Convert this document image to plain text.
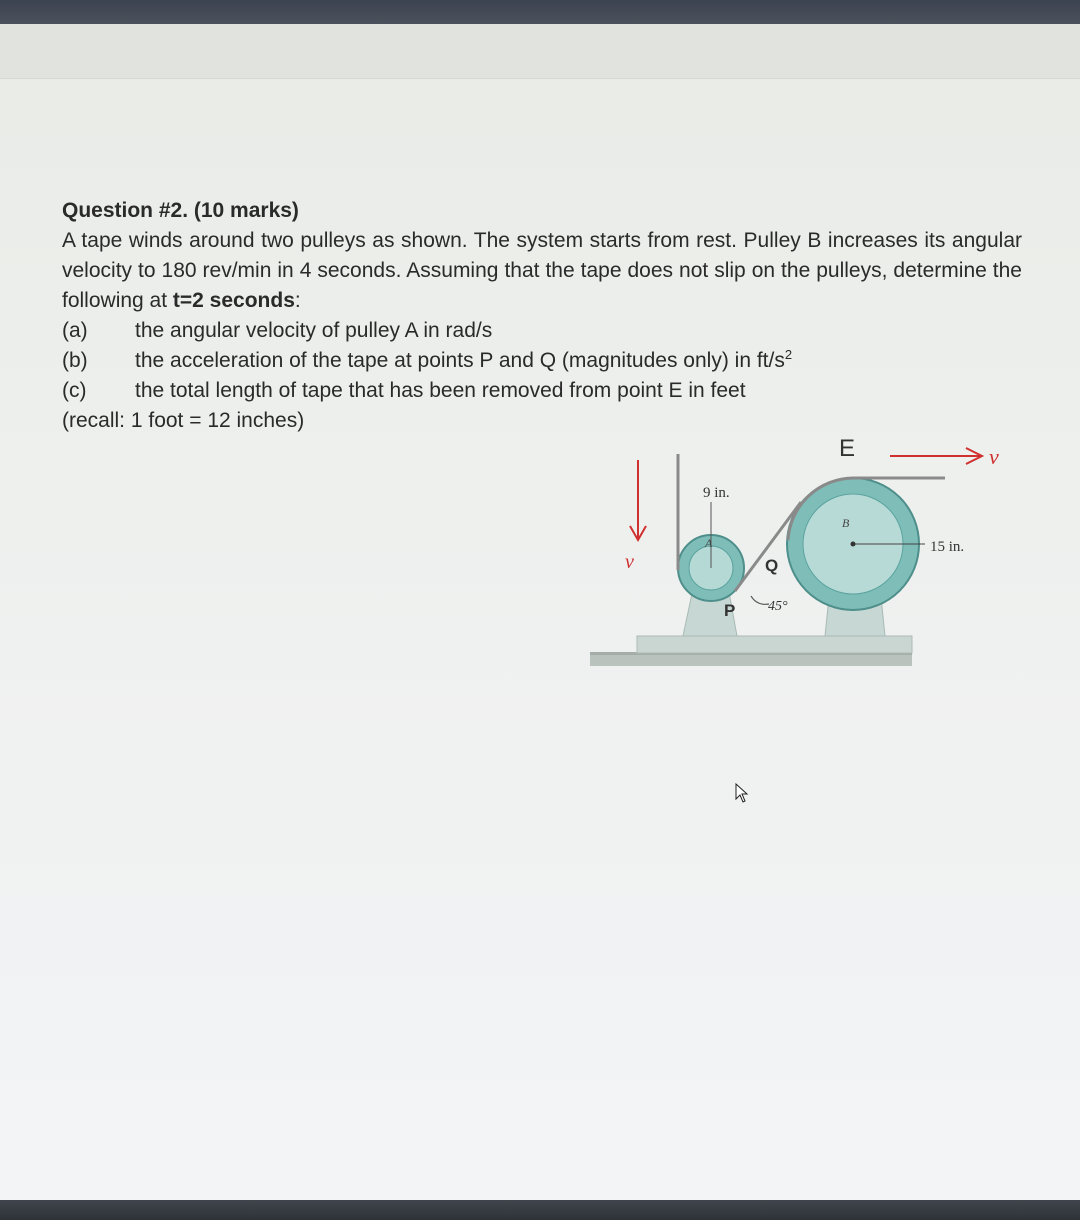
Question #2. (10 marks)

A tape winds around two pulleys as shown. The system starts from rest. Pulley B increases its angular velocity to 180 rev/min in 4 seconds. Assuming that the tape does not slip on the pulleys, determine the following at t=2 seconds:

(a)	the angular velocity of pulley A in rad/s
(b)	the acceleration of the tape at points P and Q (magnitudes only) in $ft/s^2$
(c)	the total length of tape that has been removed from point E in feet
(recall: 1 foot = 12 inches)
v
v
E
9 in.
15 in.
B
A
Q
P 45°
